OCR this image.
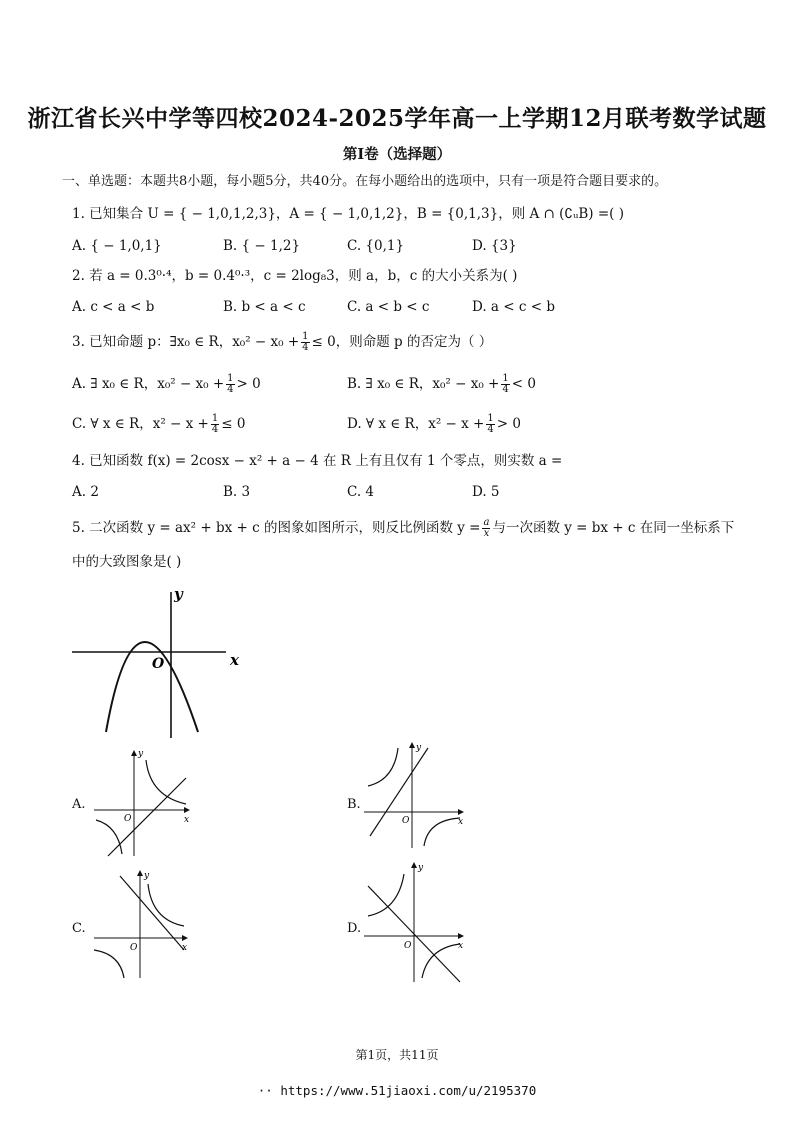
浙江省长兴中学等四校2024-2025学年高一上学期12月联考数学试题
第I卷（选择题）
一、单选题：本题共8小题，每小题5分，共40分。在每小题给出的选项中，只有一项是符合题目要求的。
1. 已知集合 U = { − 1,0,1,2,3}，A = { − 1,0,1,2}，B = {0,1,3}，则 A ∩ (∁ᵤB) =( )
A. { − 1,0,1}	B. { − 1,2}	C. {0,1}	D. {3}
2. 若 a = 0.3⁰·⁴，b = 0.4⁰·³，c = 2log₈3，则 a，b，c 的大小关系为( )
A. c < a < b	B. b < a < c	C. a < b < c	D. a < c < b
3. 已知命题 p：∃x₀ ∈ R，$x_0^2 - x_0 + \frac{1}{4} \le 0$，则命题 p 的否定为（ ）
A. ∃ x₀ ∈ R，$x_0^2 - x_0 + \frac{1}{4} > 0$	B. ∃ x₀ ∈ R，$x_0^2 - x_0 + \frac{1}{4} < 0$
C. ∀ x ∈ R，$x^2 - x + \frac{1}{4} \le 0$	D. ∀ x ∈ R，$x^2 - x + \frac{1}{4} > 0$
4. 已知函数 f(x) = 2cosx − x² + a − 4 在 R 上有且仅有 1 个零点，则实数 a =
A. 2	B. 3	C. 4	D. 5
5. 二次函数 y = ax² + bx + c 的图象如图所示，则反比例函数 $y = \frac{a}{x}$ 与一次函数 y = bx + c 在同一坐标系下
中的大致图象是( )
y
x
O
A.
y
x
O
B.
y
x
O
C.
y
x
O
D.
y
x
O
第1页，共11页
·· https://www.51jiaoxi.com/u/2195370
